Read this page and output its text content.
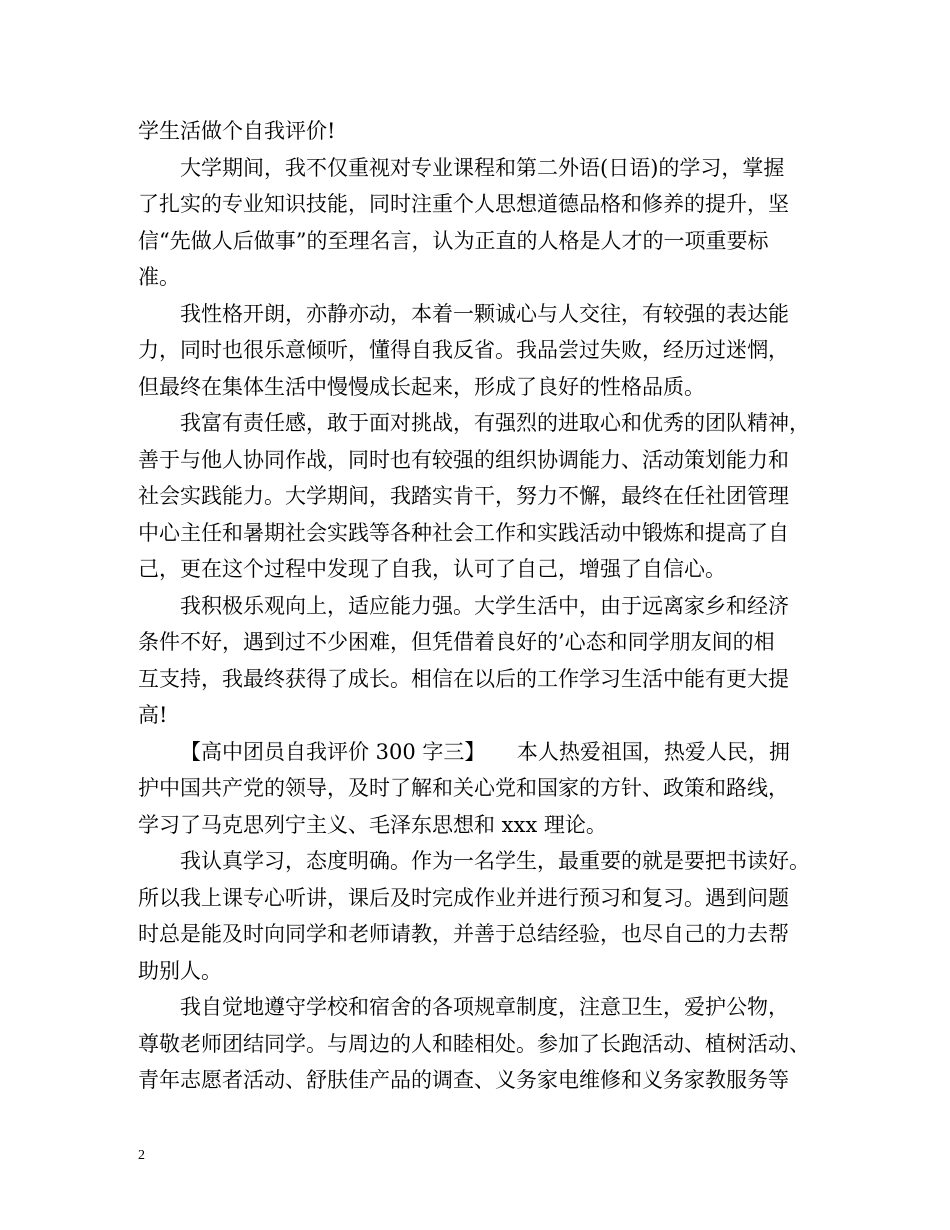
学生活做个自我评价!
大学期间，我不仅重视对专业课程和第二外语(日语)的学习，掌握
了扎实的专业知识技能，同时注重个人思想道德品格和修养的提升，坚
信“先做人后做事”的至理名言，认为正直的人格是人才的一项重要标
准。
我性格开朗，亦静亦动，本着一颗诚心与人交往，有较强的表达能
力，同时也很乐意倾听，懂得自我反省。我品尝过失败，经历过迷惘，
但最终在集体生活中慢慢成长起来，形成了良好的性格品质。
我富有责任感，敢于面对挑战，有强烈的进取心和优秀的团队精神，
善于与他人协同作战，同时也有较强的组织协调能力、活动策划能力和
社会实践能力。大学期间，我踏实肯干，努力不懈，最终在任社团管理
中心主任和暑期社会实践等各种社会工作和实践活动中锻炼和提高了自
己，更在这个过程中发现了自我，认可了自己，增强了自信心。
我积极乐观向上，适应能力强。大学生活中，由于远离家乡和经济
条件不好，遇到过不少困难，但凭借着良好的’心态和同学朋友间的相
互支持，我最终获得了成长。相信在以后的工作学习生活中能有更大提
高!
【高中团员自我评价 300 字三】　　本人热爱祖国，热爱人民，拥
护中国共产党的领导，及时了解和关心党和国家的方针、政策和路线，
学习了马克思列宁主义、毛泽东思想和 xxx 理论。
我认真学习，态度明确。作为一名学生，最重要的就是要把书读好。
所以我上课专心听讲，课后及时完成作业并进行预习和复习。遇到问题
时总是能及时向同学和老师请教，并善于总结经验，也尽自己的力去帮
助别人。
我自觉地遵守学校和宿舍的各项规章制度，注意卫生，爱护公物，
尊敬老师团结同学。与周边的人和睦相处。参加了长跑活动、植树活动、
青年志愿者活动、舒肤佳产品的调查、义务家电维修和义务家教服务等
2
